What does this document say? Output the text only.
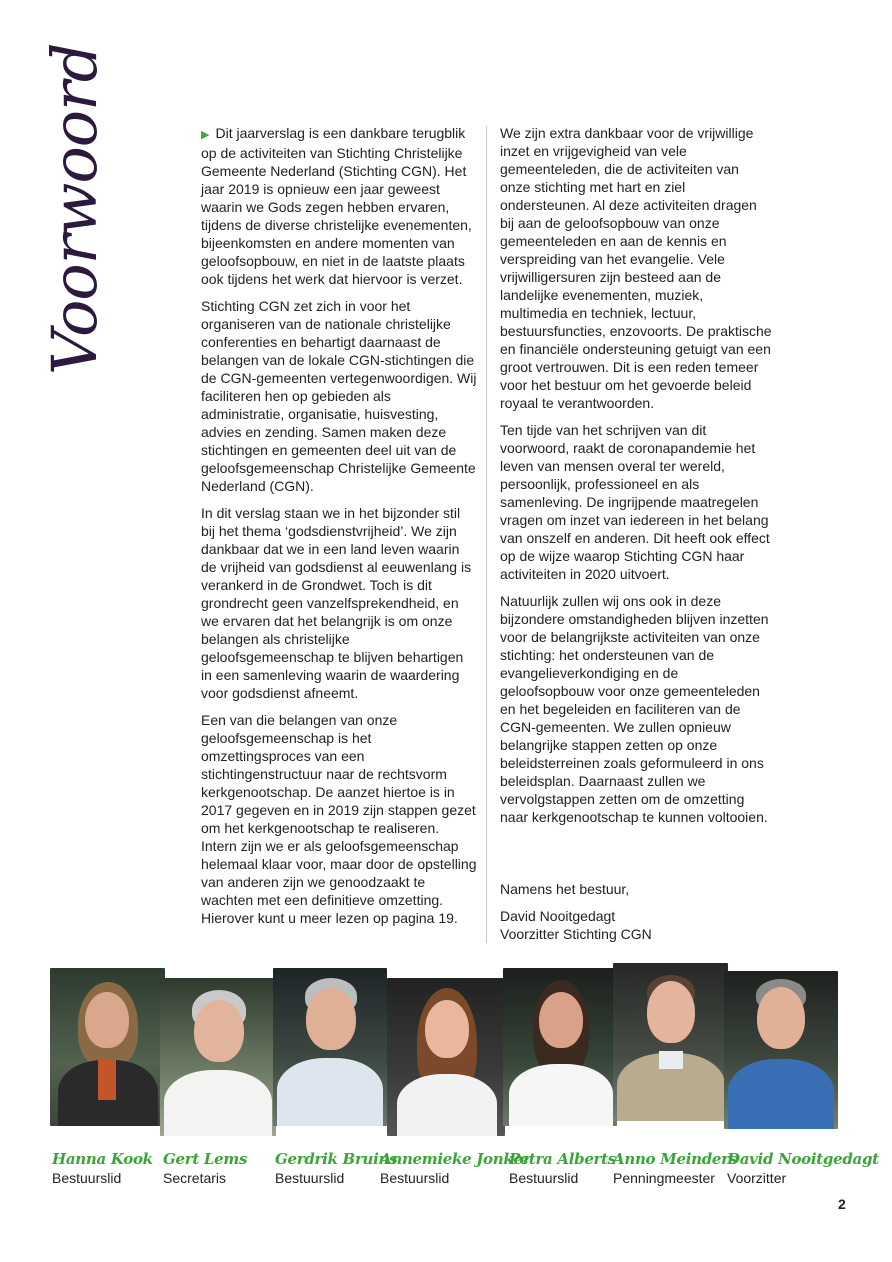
Voorwoord	▶ Dit jaarverslag is een dankbare terugblik op de activiteiten van Stichting Christelijke Gemeente Nederland (Stichting CGN). Het jaar 2019 is opnieuw een jaar geweest waarin we Gods zegen hebben ervaren, tijdens de diverse christelijke evenementen, bijeenkomsten en andere momenten van geloofsopbouw, en niet in de laatste plaats ook tijdens het werk dat hiervoor is verzet.

Stichting CGN zet zich in voor het organiseren van de nationale christelijke conferenties en behartigt daarnaast de belangen van de lokale CGN-stichtingen die de CGN-gemeenten vertegenwoordigen. Wij faciliteren hen op gebieden als administratie, organisatie, huisvesting, advies en zending. Samen maken deze stichtingen en gemeenten deel uit van de geloofsgemeenschap Christelijke Gemeente Nederland (CGN).

In dit verslag staan we in het bijzonder stil bij het thema ‘godsdienstvrijheid’. We zijn dankbaar dat we in een land leven waarin de vrijheid van godsdienst al eeuwenlang is verankerd in de Grondwet. Toch is dit grondrecht geen vanzelfsprekendheid, en we ervaren dat het belangrijk is om onze belangen als christelijke geloofsgemeenschap te blijven behartigen in een samenleving waarin de waardering voor godsdienst afneemt.

Een van die belangen van onze geloofsgemeenschap is het omzettingsproces van een stichtingenstructuur naar de rechtsvorm kerkgenootschap. De aanzet hiertoe is in 2017 gegeven en in 2019 zijn stappen gezet om het kerkgenootschap te realiseren. Intern zijn we er als geloofsgemeenschap helemaal klaar voor, maar door de opstelling van anderen zijn we genoodzaakt te wachten met een definitieve omzetting. Hierover kunt u meer lezen op pagina 19.

We zijn extra dankbaar voor de vrijwillige inzet en vrijgevigheid van vele gemeenteleden, die de activiteiten van onze stichting met hart en ziel ondersteunen. Al deze activiteiten dragen bij aan de geloofsopbouw van onze gemeenteleden en aan de kennis en verspreiding van het evangelie. Vele vrijwilligersuren zijn besteed aan de landelijke evenementen, muziek, multimedia en techniek, lectuur, bestuursfuncties, enzovoorts. De praktische en financiële ondersteuning getuigt van een groot vertrouwen. Dit is een reden temeer voor het bestuur om het gevoerde beleid royaal te verantwoorden.

Ten tijde van het schrijven van dit voorwoord, raakt de coronapandemie het leven van mensen overal ter wereld, persoonlijk, professioneel en als samenleving. De ingrijpende maatregelen vragen om inzet van iedereen in het belang van onszelf en anderen. Dit heeft ook effect op de wijze waarop Stichting CGN haar activiteiten in 2020 uitvoert.

Natuurlijk zullen wij ons ook in deze bijzondere omstandigheden blijven inzetten voor de belangrijkste activiteiten van onze stichting: het ondersteunen van de evangelieverkondiging en de geloofsopbouw voor onze gemeenteleden en het begeleiden en faciliteren van de CGN-gemeenten. We zullen opnieuw belangrijke stappen zetten op onze beleidsterreinen zoals geformuleerd in ons beleidsplan. Daarnaast zullen we vervolgstappen zetten om de omzetting naar kerkgenootschap te kunnen voltooien.

Namens het bestuur,

David Nooitgedagt
Voorzitter Stichting CGN
Hanna Kook
Bestuurslid
Gert Lems
Secretaris
Gerdrik Bruins
Bestuurslid
Annemieke Jonker
Bestuurslid
Petra Alberts
Bestuurslid
Anno Meinders
Penningmeester
David Nooitgedagt
Voorzitter
2
